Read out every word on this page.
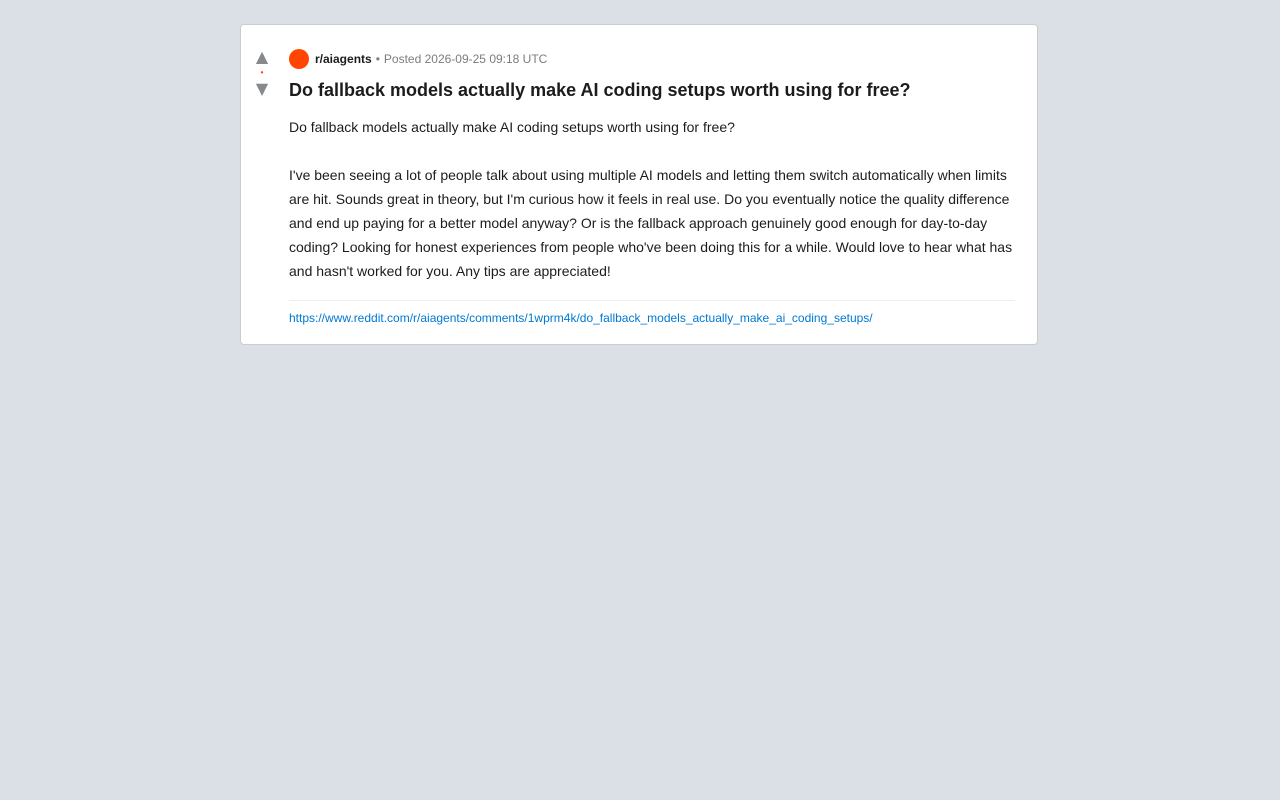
▲
•
▼
r/aiagents • Posted 2026-09-25 09:18 UTC
Do fallback models actually make AI coding setups worth using for free?

Do fallback models actually make AI coding setups worth using for free?

I've been seeing a lot of people talk about using multiple AI models and letting them switch automatically when limits are hit. Sounds great in theory, but I'm curious how it feels in real use. Do you eventually notice the quality difference and end up paying for a better model anyway? Or is the fallback approach genuinely good enough for day-to-day coding? Looking for honest experiences from people who've been doing this for a while. Would love to hear what has and hasn't worked for you. Any tips are appreciated!

https://www.reddit.com/r/aiagents/comments/1wprm4k/do_fallback_models_actually_make_ai_coding_setups/
